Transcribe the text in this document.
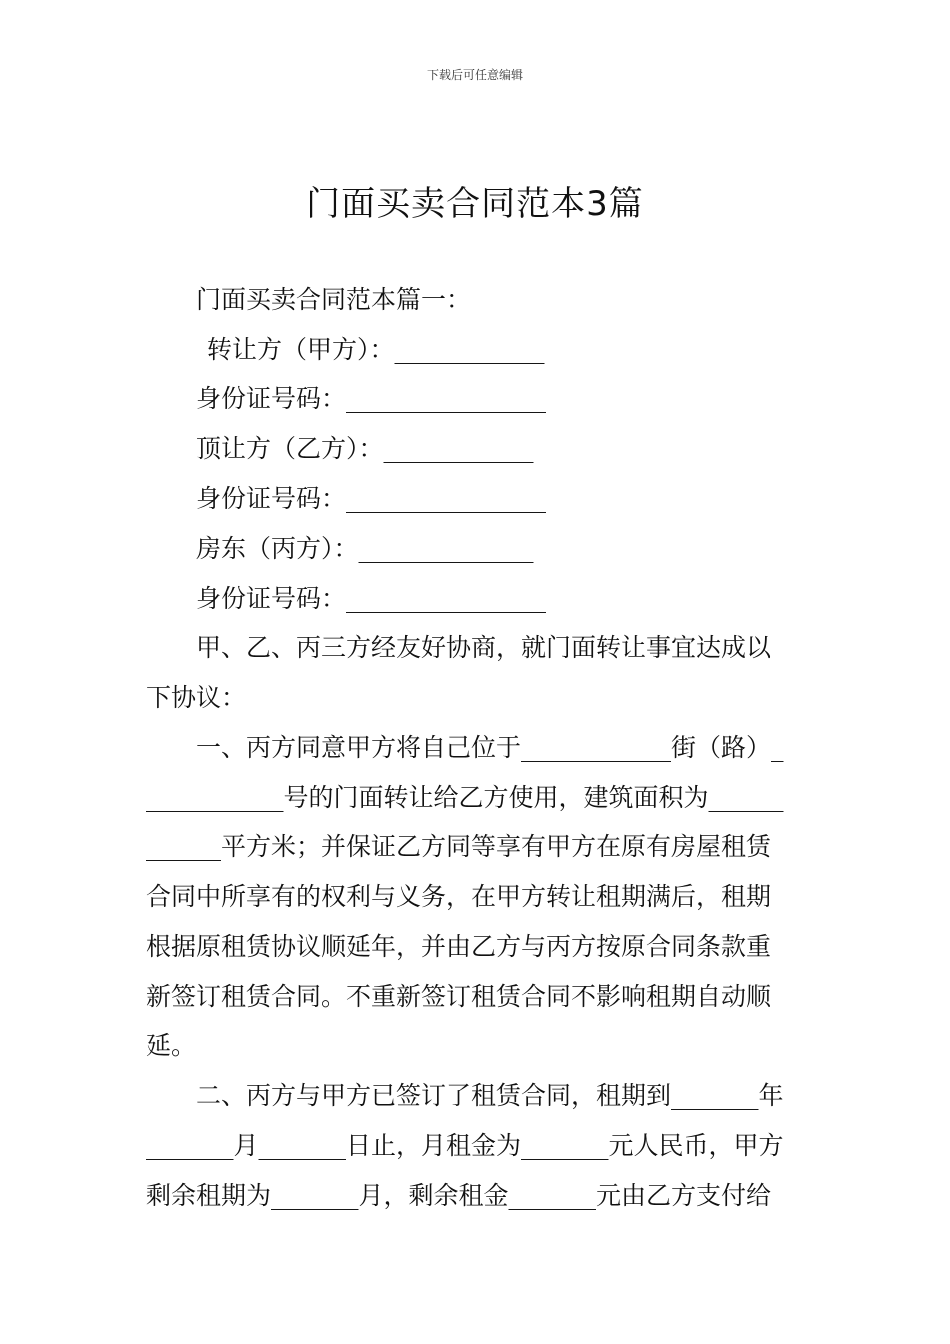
下载后可任意编辑
门面买卖合同范本3篇
门面买卖合同范本篇一：
转让方（甲方）：____________
身份证号码：________________
顶让方（乙方）：____________
身份证号码：________________
房东（丙方）：______________
身份证号码：________________
甲、乙、丙三方经友好协商，就门面转让事宜达成以
下协议：
一、丙方同意甲方将自己位于____________街（路）_
___________号的门面转让给乙方使用，建筑面积为______
______平方米；并保证乙方同等享有甲方在原有房屋租赁
合同中所享有的权利与义务，在甲方转让租期满后，租期
根据原租赁协议顺延年，并由乙方与丙方按原合同条款重
新签订租赁合同。不重新签订租赁合同不影响租期自动顺
延。
二、丙方与甲方已签订了租赁合同，租期到_______年
_______月_______日止，月租金为_______元人民币，甲方
剩余租期为_______月，剩余租金_______元由乙方支付给
